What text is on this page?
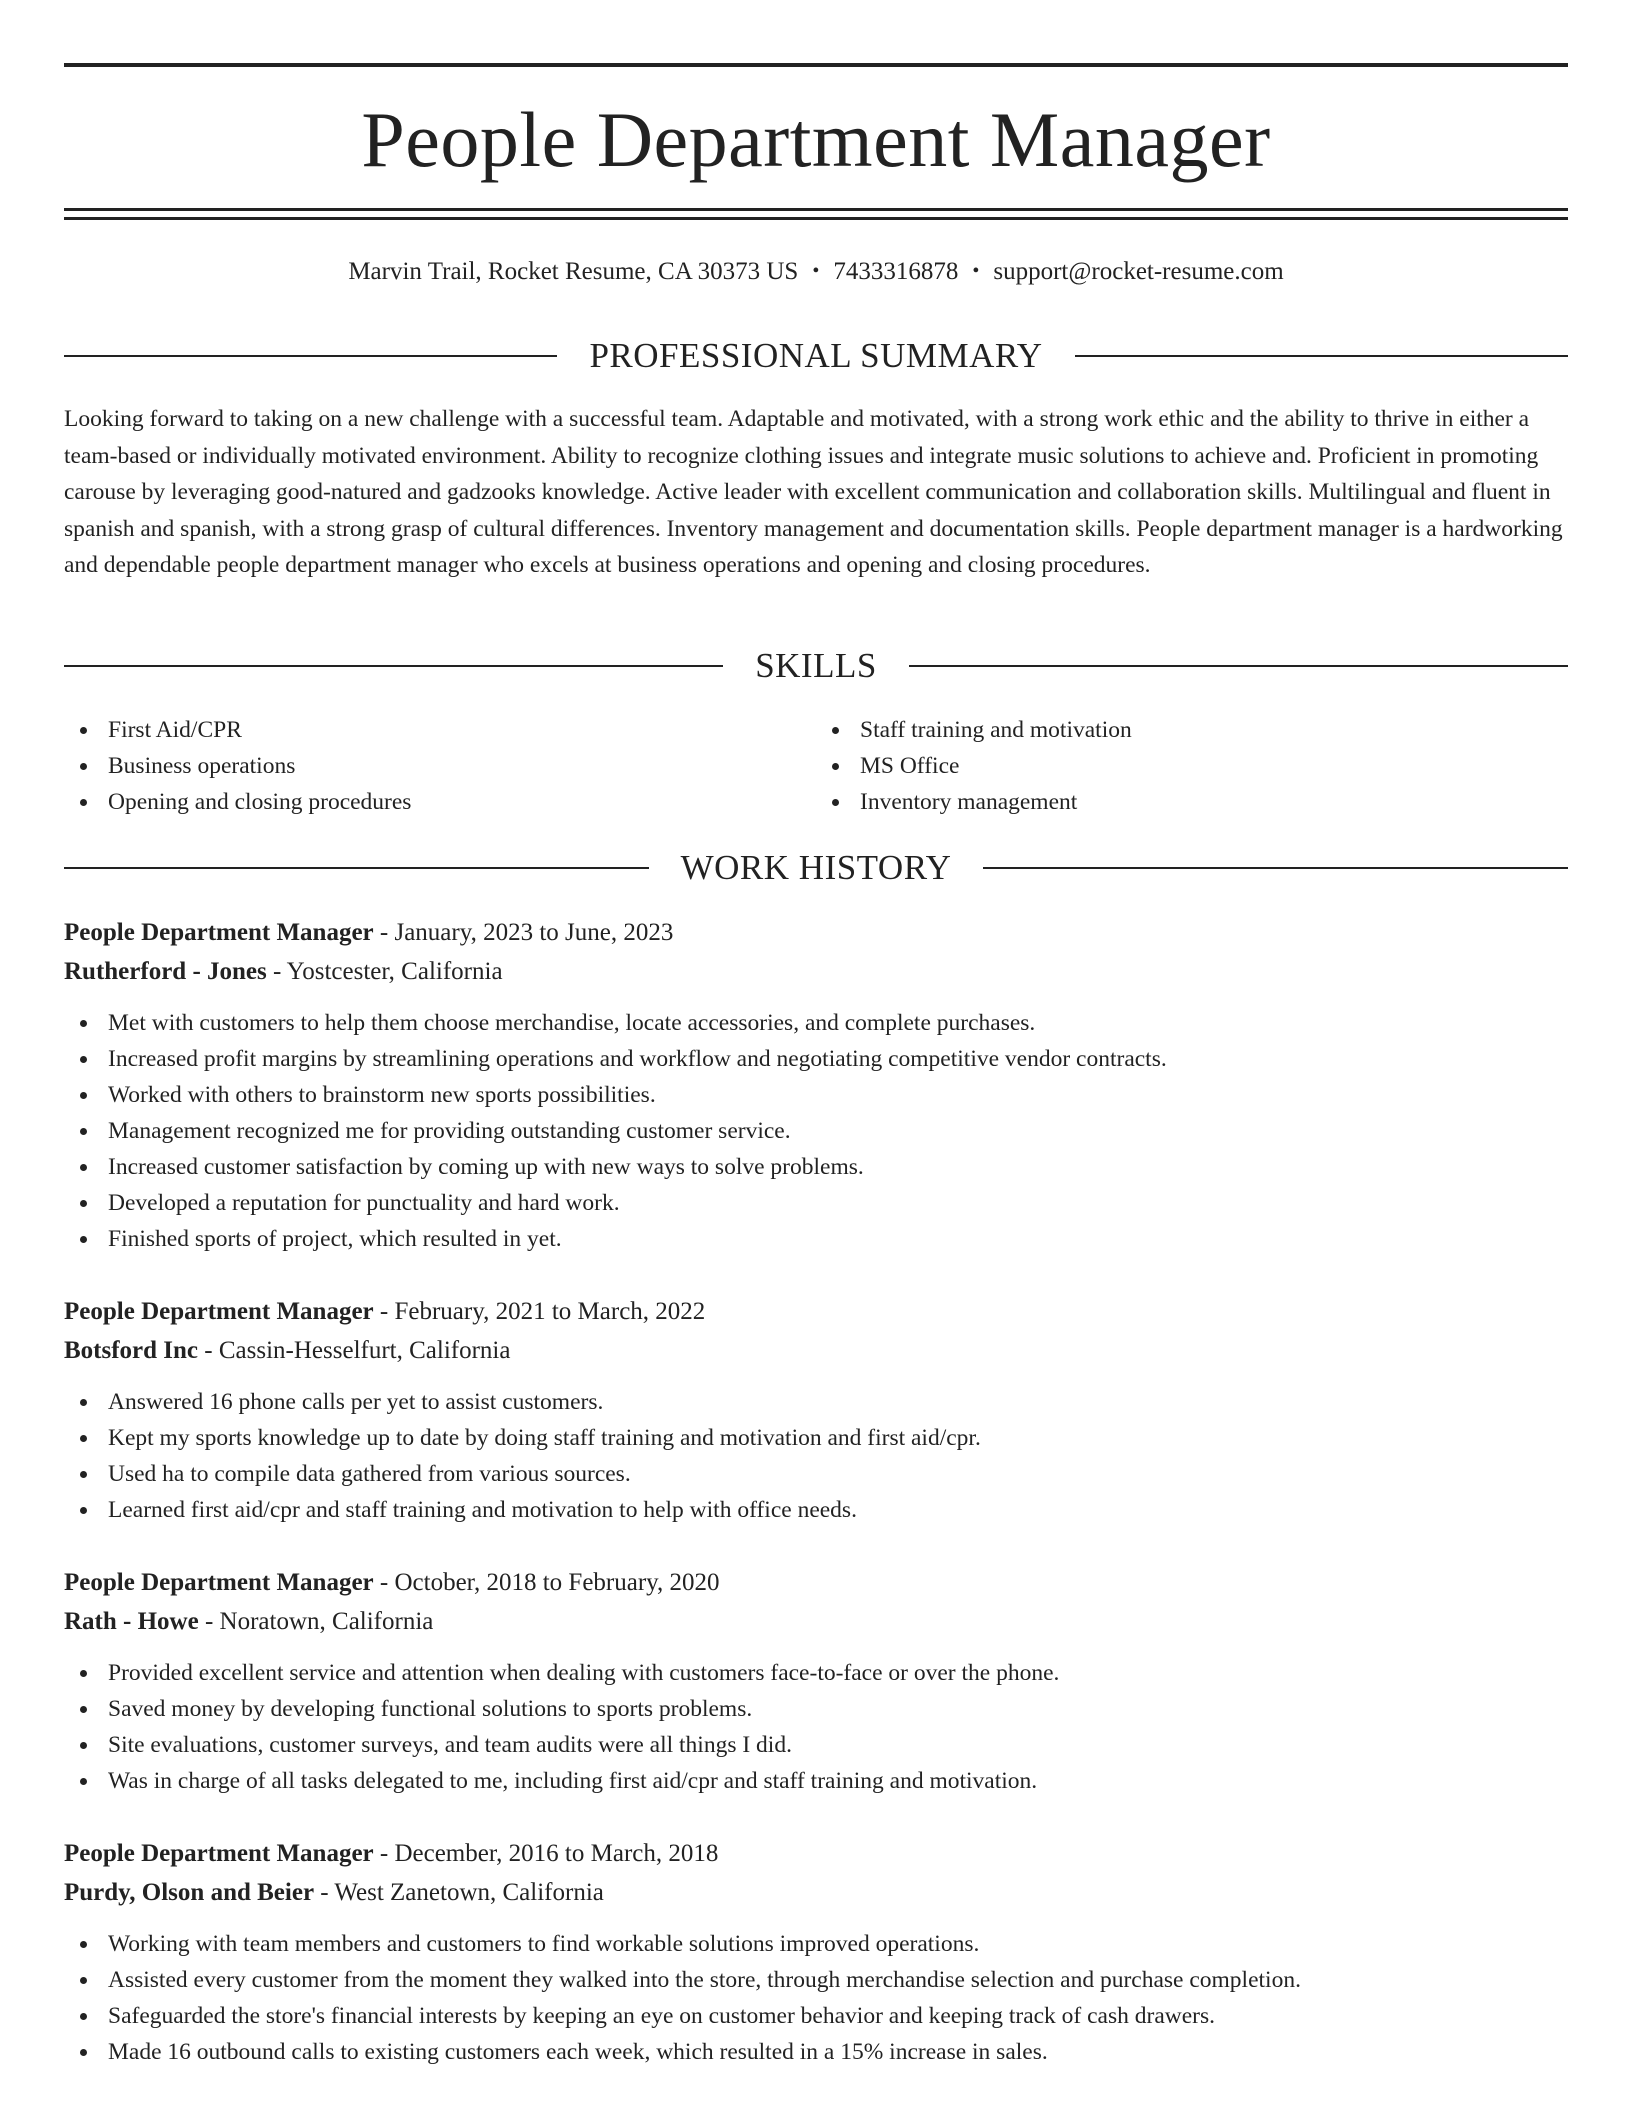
People Department Manager
Marvin Trail, Rocket Resume, CA 30373 US • 7433316878 • support@rocket-resume.com
PROFESSIONAL SUMMARY

Looking forward to taking on a new challenge with a successful team. Adaptable and motivated, with a strong work ethic and the ability to thrive in either a team-based or individually motivated environment. Ability to recognize clothing issues and integrate music solutions to achieve and. Proficient in promoting carouse by leveraging good-natured and gadzooks knowledge. Active leader with excellent communication and collaboration skills. Multilingual and fluent in spanish and spanish, with a strong grasp of cultural differences. Inventory management and documentation skills. People department manager is a hardworking and dependable people department manager who excels at business operations and opening and closing procedures.

SKILLS
First Aid/CPR
Business operations
Opening and closing procedures
Staff training and motivation
MS Office
Inventory management
WORK HISTORY
People Department Manager - January, 2023 to June, 2023
Rutherford - Jones - Yostcester, California
Met with customers to help them choose merchandise, locate accessories, and complete purchases.
Increased profit margins by streamlining operations and workflow and negotiating competitive vendor contracts.
Worked with others to brainstorm new sports possibilities.
Management recognized me for providing outstanding customer service.
Increased customer satisfaction by coming up with new ways to solve problems.
Developed a reputation for punctuality and hard work.
Finished sports of project, which resulted in yet.
People Department Manager - February, 2021 to March, 2022
Botsford Inc - Cassin-Hesselfurt, California
Answered 16 phone calls per yet to assist customers.
Kept my sports knowledge up to date by doing staff training and motivation and first aid/cpr.
Used ha to compile data gathered from various sources.
Learned first aid/cpr and staff training and motivation to help with office needs.
People Department Manager - October, 2018 to February, 2020
Rath - Howe - Noratown, California
Provided excellent service and attention when dealing with customers face-to-face or over the phone.
Saved money by developing functional solutions to sports problems.
Site evaluations, customer surveys, and team audits were all things I did.
Was in charge of all tasks delegated to me, including first aid/cpr and staff training and motivation.
People Department Manager - December, 2016 to March, 2018
Purdy, Olson and Beier - West Zanetown, California
Working with team members and customers to find workable solutions improved operations.
Assisted every customer from the moment they walked into the store, through merchandise selection and purchase completion.
Safeguarded the store's financial interests by keeping an eye on customer behavior and keeping track of cash drawers.
Made 16 outbound calls to existing customers each week, which resulted in a 15% increase in sales.
